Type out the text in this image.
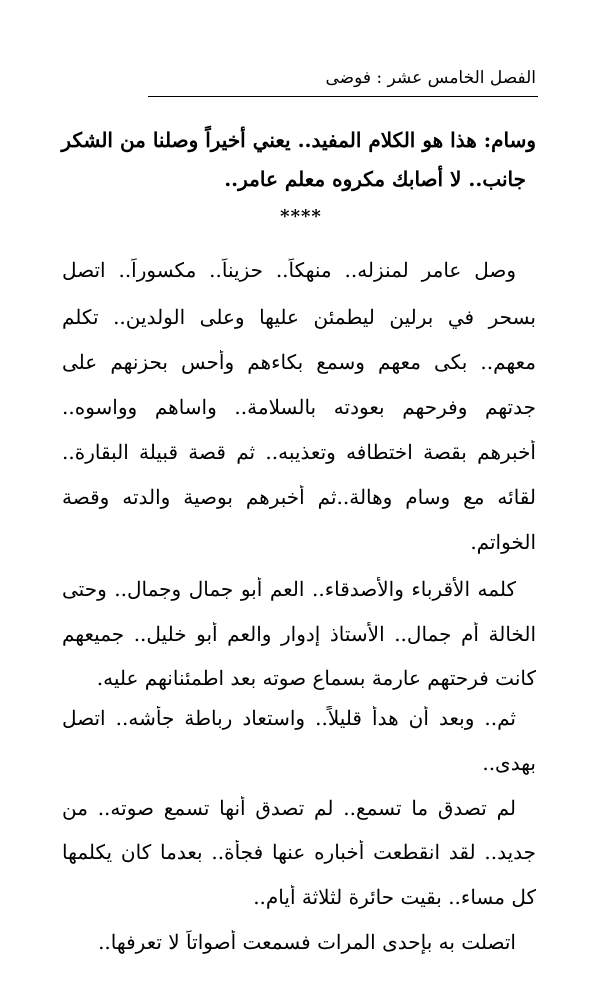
الفصل الخامس عشر : فوضى
وسام: هذا هو الكلام المفيد.. يعني أخيراً وصلنا من الشكر
جانب.. لا أصابك مكروه معلم عامر..
****
وصل عامر لمنزله.. منهكاً.. حزيناً.. مكسوراً.. اتصل
بسحر في برلين ليطمئن عليها وعلى الولدين.. تكلم
معهم.. بكى معهم وسمع بكاءهم وأحس بحزنهم على
جدتهم وفرحهم بعودته بالسلامة.. واساهم وواسوه..
أخبرهم بقصة اختطافه وتعذيبه.. ثم قصة قبيلة البقارة..
لقائه مع وسام وهالة..ثم أخبرهم بوصية والدته وقصة
الخواتم.
كلمه الأقرباء والأصدقاء.. العم أبو جمال وجمال.. وحتى
الخالة أم جمال.. الأستاذ إدوار والعم أبو خليل.. جميعهم
كانت فرحتهم عارمة بسماع صوته بعد اطمئنانهم عليه.
ثم.. وبعد أن هدأ قليلاً.. واستعاد رباطة جأشه.. اتصل
بهدى..
لم تصدق ما تسمع.. لم تصدق أنها تسمع صوته.. من
جديد.. لقد انقطعت أخباره عنها فجأة.. بعدما كان يكلمها
كل مساء.. بقيت حائرة لثلاثة أيام..
اتصلت به بإحدى المرات فسمعت أصواتاً لا تعرفها..
